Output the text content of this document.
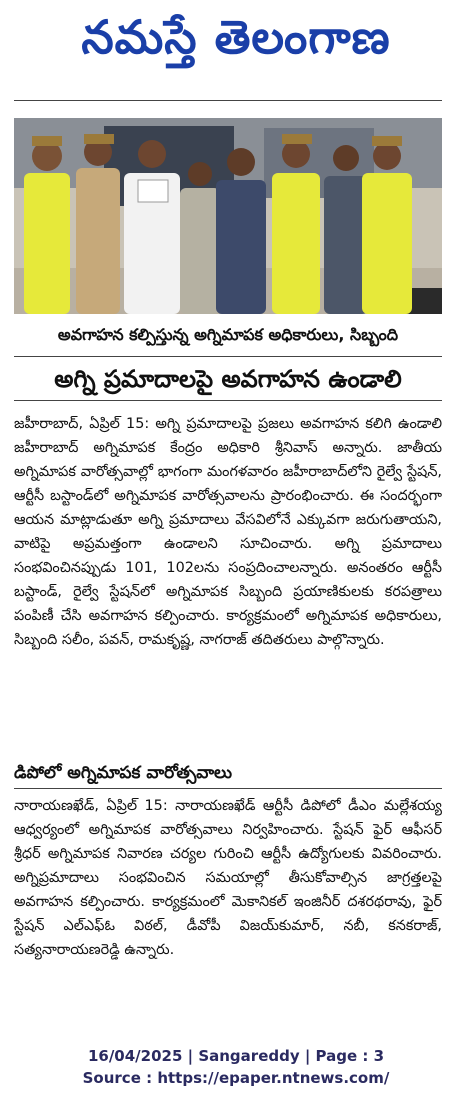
నమస్తే తెలంగాణ
అవగాహన కల్పిస్తున్న అగ్నిమాపక అధికారులు, సిబ్బంది
అగ్ని ప్రమాదాలపై అవగాహన ఉండాలి
జహీరాబాద్, ఏప్రిల్ 15: అగ్ని ప్రమాదాలపై ప్రజలు అవగాహన కలిగి ఉండాలి జహీరాబాద్ అగ్నిమాపక కేంద్రం అధికారి శ్రీనివాస్ అన్నారు. జాతీయ అగ్నిమాపక వారోత్సవాల్లో భాగంగా మంగళవారం జహీరాబాద్‌లోని రైల్వే స్టేషన్, ఆర్టీసీ బస్టాండ్‌లో అగ్నిమాపక వారోత్సవాలను ప్రారంభించారు. ఈ సందర్భంగా ఆయన మాట్లాడుతూ అగ్ని ప్రమాదాలు వేసవిలోనే ఎక్కువగా జరుగుతాయని, వాటిపై అప్రమత్తంగా ఉండాలని సూచించారు. అగ్ని ప్రమాదాలు సంభవించినప్పుడు 101, 102లను సంప్రదించాలన్నారు. అనంతరం ఆర్టీసీ బస్టాండ్, రైల్వే స్టేషన్‌లో అగ్నిమాపక సిబ్బంది ప్రయాణికులకు కరపత్రాలు పంపిణీ చేసి అవగాహన కల్పించారు. కార్యక్రమంలో అగ్నిమాపక అధికారులు, సిబ్బంది సలీం, పవన్, రామకృష్ణ, నాగరాజ్ తదితరులు పాల్గొన్నారు.
డిపోలో అగ్నిమాపక వారోత్సవాలు
నారాయణఖేడ్, ఏప్రిల్ 15: నారాయణఖేడ్ ఆర్టీసీ డిపోలో డీఎం మల్లేశయ్య ఆధ్వర్యంలో అగ్నిమాపక వారోత్సవాలు నిర్వహించారు. స్టేషన్ ఫైర్ ఆఫీసర్ శ్రీధర్ అగ్నిమాపక నివారణ చర్యల గురించి ఆర్టీసీ ఉద్యోగులకు వివరించారు. అగ్నిప్రమాదాలు సంభవించిన సమయాల్లో తీసుకోవాల్సిన జాగ్రత్తలపై అవగాహన కల్పించారు. కార్యక్రమంలో మెకానికల్ ఇంజినీర్ దశరథరావు, ఫైర్ స్టేషన్ ఎల్ఎఫ్ఓ విఠల్, డీవోపీ విజయ్‌కుమార్, నబీ, కనకరాజ్, సత్యనారాయణరెడ్డి ఉన్నారు.
16/04/2025 | Sangareddy | Page : 3
Source : https://epaper.ntnews.com/
